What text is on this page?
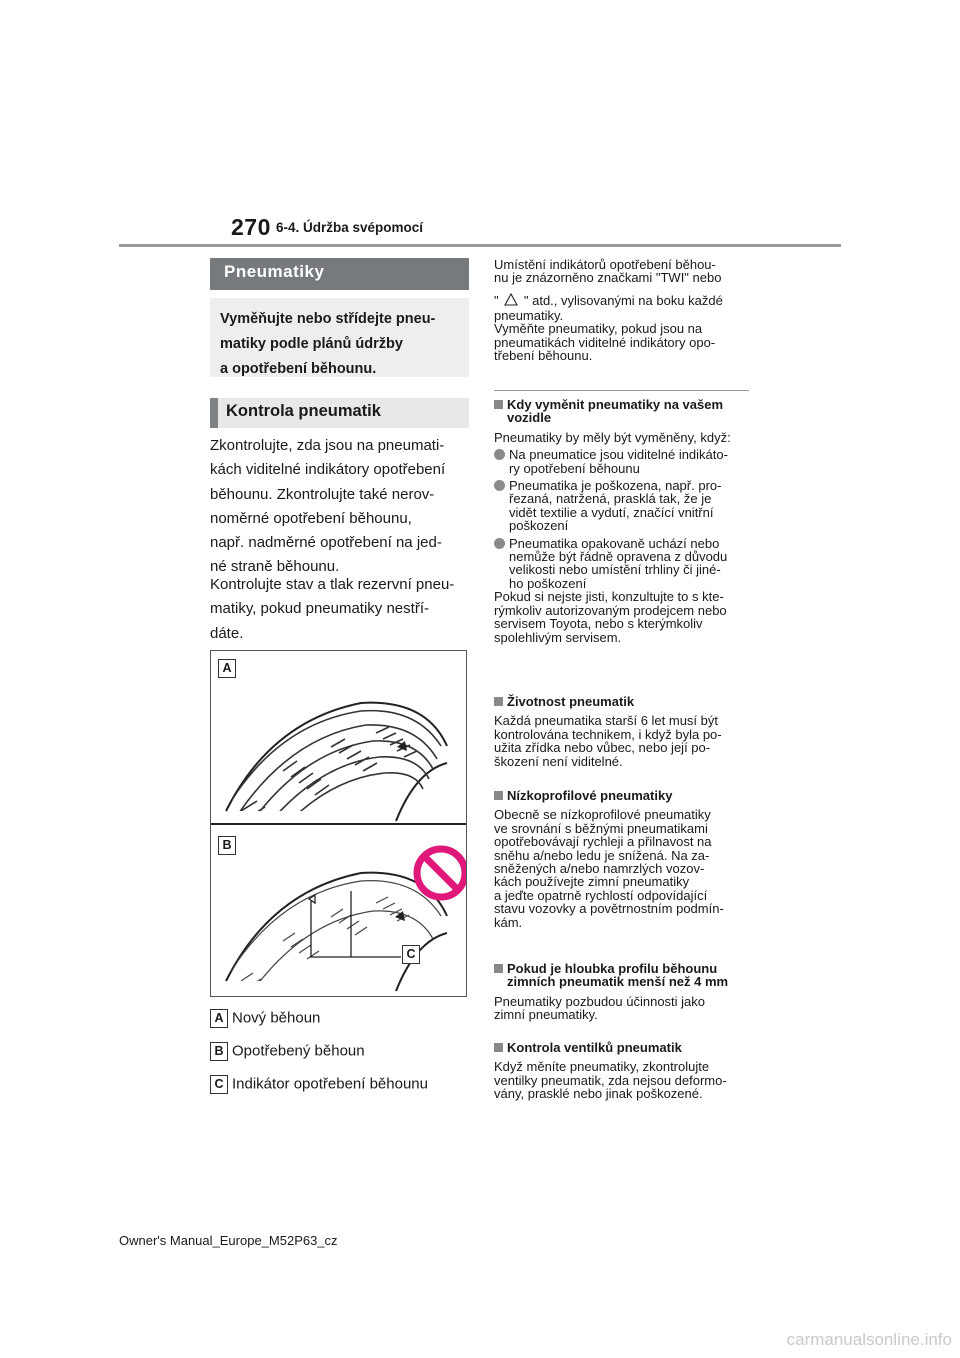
270 6-4. Údržba svépomocí
Pneumatiky
Vyměňujte nebo střídejte pneu-
matiky podle plánů údržby
a opotřebení běhounu.
Kontrola pneumatik

Zkontrolujte, zda jsou na pneumati-

kách viditelné indikátory opotřebení

běhounu. Zkontrolujte také nerov-

noměrné opotřebení běhounu,

např. nadměrné opotřebení na jed-

né straně běhounu.

Kontrolujte stav a tlak rezervní pneu-

matiky, pokud pneumatiky nestří-

dáte.

A
B
C
A Nový běhoun
B Opotřebený běhoun
C Indikátor opotřebení běhounu

Umístění indikátorů opotřebení běhou-

nu je znázorněno značkami "TWI" nebo

" " atd., vylisovanými na boku každé

pneumatiky.

Vyměňte pneumatiky, pokud jsou na

pneumatikách viditelné indikátory opo-

třebení běhounu.

Kdy vyměnit pneumatiky na vašem

vozidle

Pneumatiky by měly být vyměněny, když:

Na pneumatice jsou viditelné indikáto-

ry opotřebení běhounu

Pneumatika je poškozena, např. pro-

řezaná, natržená, prasklá tak, že je

vidět textilie a vydutí, značící vnitřní

poškození

Pneumatika opakovaně uchází nebo

nemůže být řádně opravena z důvodu

velikosti nebo umístění trhliny či jiné-

ho poškození

Pokud si nejste jisti, konzultujte to s kte-

rýmkoliv autorizovaným prodejcem nebo

servisem Toyota, nebo s kterýmkoliv

spolehlivým servisem.

Životnost pneumatik

Každá pneumatika starší 6 let musí být

kontrolována technikem, i když byla po-

užita zřídka nebo vůbec, nebo její po-

škození není viditelné.

Nízkoprofilové pneumatiky

Obecně se nízkoprofilové pneumatiky

ve srovnání s běžnými pneumatikami

opotřebovávají rychleji a přilnavost na

sněhu a/nebo ledu je snížená. Na za-

sněžených a/nebo namrzlých vozov-

kách používejte zimní pneumatiky

a jeďte opatrně rychlostí odpovídající

stavu vozovky a povětrnostním podmín-

kám.

Pokud je hloubka profilu běhounu

zimních pneumatik menší než 4 mm

Pneumatiky pozbudou účinnosti jako

zimní pneumatiky.

Kontrola ventilků pneumatik

Když měníte pneumatiky, zkontrolujte

ventilky pneumatik, zda nejsou deformo-

vány, prasklé nebo jinak poškozené.

Owner's Manual_Europe_M52P63_cz
carmanualsonline.info
